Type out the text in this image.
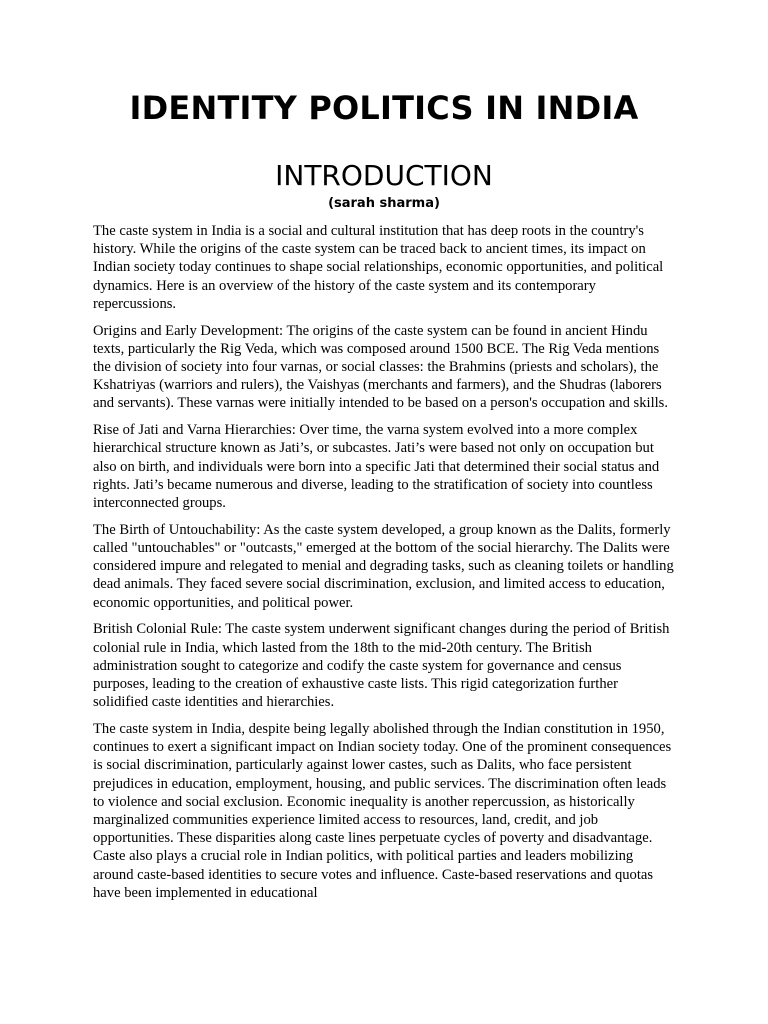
IDENTITY POLITICS IN INDIA
INTRODUCTION
(sarah sharma)

The caste system in India is a social and cultural institution that has deep roots in the country's history. While the origins of the caste system can be traced back to ancient times, its impact on Indian society today continues to shape social relationships, economic opportunities, and political dynamics. Here is an overview of the history of the caste system and its contemporary repercussions.

Origins and Early Development: The origins of the caste system can be found in ancient Hindu texts, particularly the Rig Veda, which was composed around 1500 BCE. The Rig Veda mentions the division of society into four varnas, or social classes: the Brahmins (priests and scholars), the Kshatriyas (warriors and rulers), the Vaishyas (merchants and farmers), and the Shudras (laborers and servants). These varnas were initially intended to be based on a person's occupation and skills.

Rise of Jati and Varna Hierarchies: Over time, the varna system evolved into a more complex hierarchical structure known as Jati’s, or subcastes. Jati’s were based not only on occupation but also on birth, and individuals were born into a specific Jati that determined their social status and rights. Jati’s became numerous and diverse, leading to the stratification of society into countless interconnected groups.

The Birth of Untouchability: As the caste system developed, a group known as the Dalits, formerly called "untouchables" or "outcasts," emerged at the bottom of the social hierarchy. The Dalits were considered impure and relegated to menial and degrading tasks, such as cleaning toilets or handling dead animals. They faced severe social discrimination, exclusion, and limited access to education, economic opportunities, and political power.

British Colonial Rule: The caste system underwent significant changes during the period of British colonial rule in India, which lasted from the 18th to the mid-20th century. The British administration sought to categorize and codify the caste system for governance and census purposes, leading to the creation of exhaustive caste lists. This rigid categorization further solidified caste identities and hierarchies.

The caste system in India, despite being legally abolished through the Indian constitution in 1950, continues to exert a significant impact on Indian society today. One of the prominent consequences is social discrimination, particularly against lower castes, such as Dalits, who face persistent prejudices in education, employment, housing, and public services. The discrimination often leads to violence and social exclusion. Economic inequality is another repercussion, as historically marginalized communities experience limited access to resources, land, credit, and job opportunities. These disparities along caste lines perpetuate cycles of poverty and disadvantage. Caste also plays a crucial role in Indian politics, with political parties and leaders mobilizing around caste-based identities to secure votes and influence. Caste-based reservations and quotas have been implemented in educational
